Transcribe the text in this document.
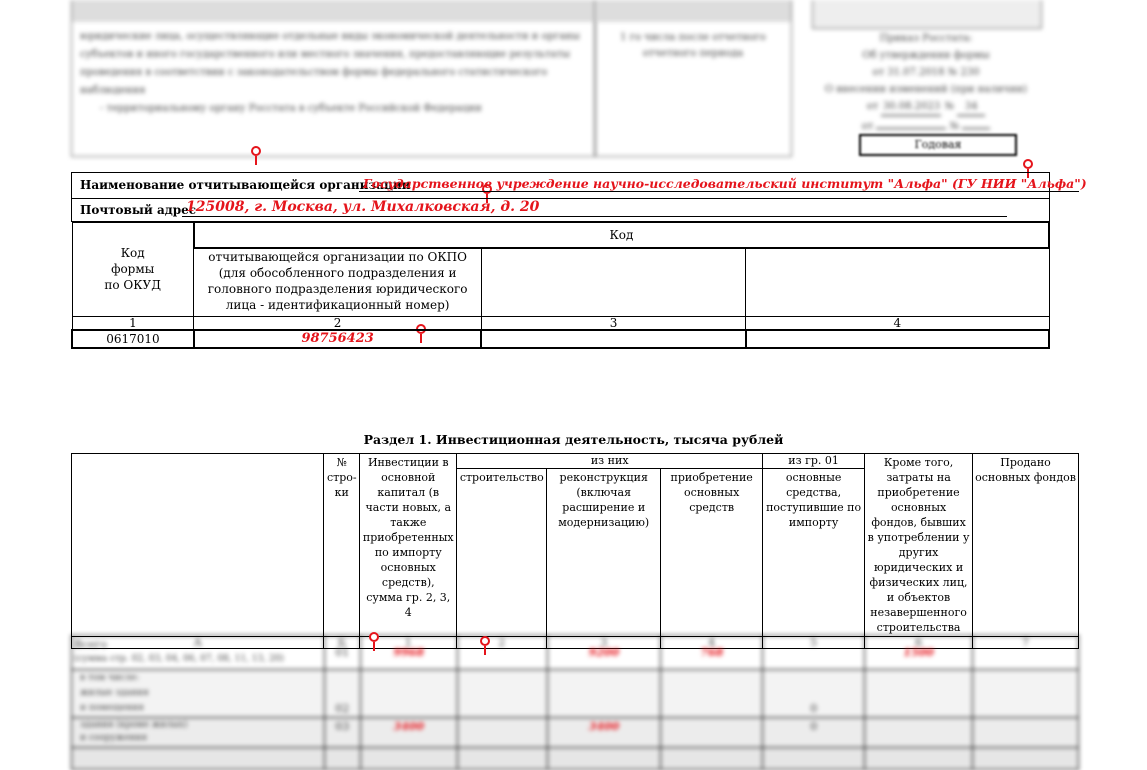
юридические лица, осуществляющие отдельные виды экономической деятельности и органы
субъектов и иного государственного или местного значения, предоставляющие результаты
проведения в соответствии с законодательством формы федерального статистического наблюдения
- территориальному органу Росстата в субъекте Российской Федерации
1 го числа после отчетного
отчетного периода
Приказ Росстата:
Об утверждении формы
от 31.07.2018 № 230
О внесении изменений (при наличии)
от 30.08.2023 № 34
от	№
Годовая
Наименование отчитывающейся организации
Государственное учреждение научно-исследовательский институт "Альфа" (ГУ НИИ "Альфа")
Почтовый адрес
125008, г. Москва, ул. Михалковская, д. 20
Код
формы
по ОКУД	Код		
	отчитывающейся организации по ОКПО (для обособленного подразделения и головного подразделения юридического лица - идентификационный номер)		
1	2	3	4
0617010	98756423		
Раздел 1. Инвестиционная деятельность, тысяча рублей
	№ стро-ки	Инвестиции в основной капитал (в части новых, а также приобретенных по импорту основных средств), сумма гр. 2, 3, 4	из них			из гр. 01	Кроме того, затраты на приобретение основных фондов, бывших в употреблении у других юридических и физических лиц, и объектов незавершенного строительства	Продано основных фондов
			строительство	реконструкция (включая расширение и модернизацию)	приобретение основных средств	основные средства, поступившие по импорту		
А	Б	1	2	3	4	5	6	7
Всего
(сумма стр. 02, 03, 04, 06, 07, 08, 11, 13, 20)	01	9968		9200	768		1500	

в том числе:
жилые здания
и помещения	02					0		

здания (кроме жилых)
и сооружения	03	3400		3400		0		
